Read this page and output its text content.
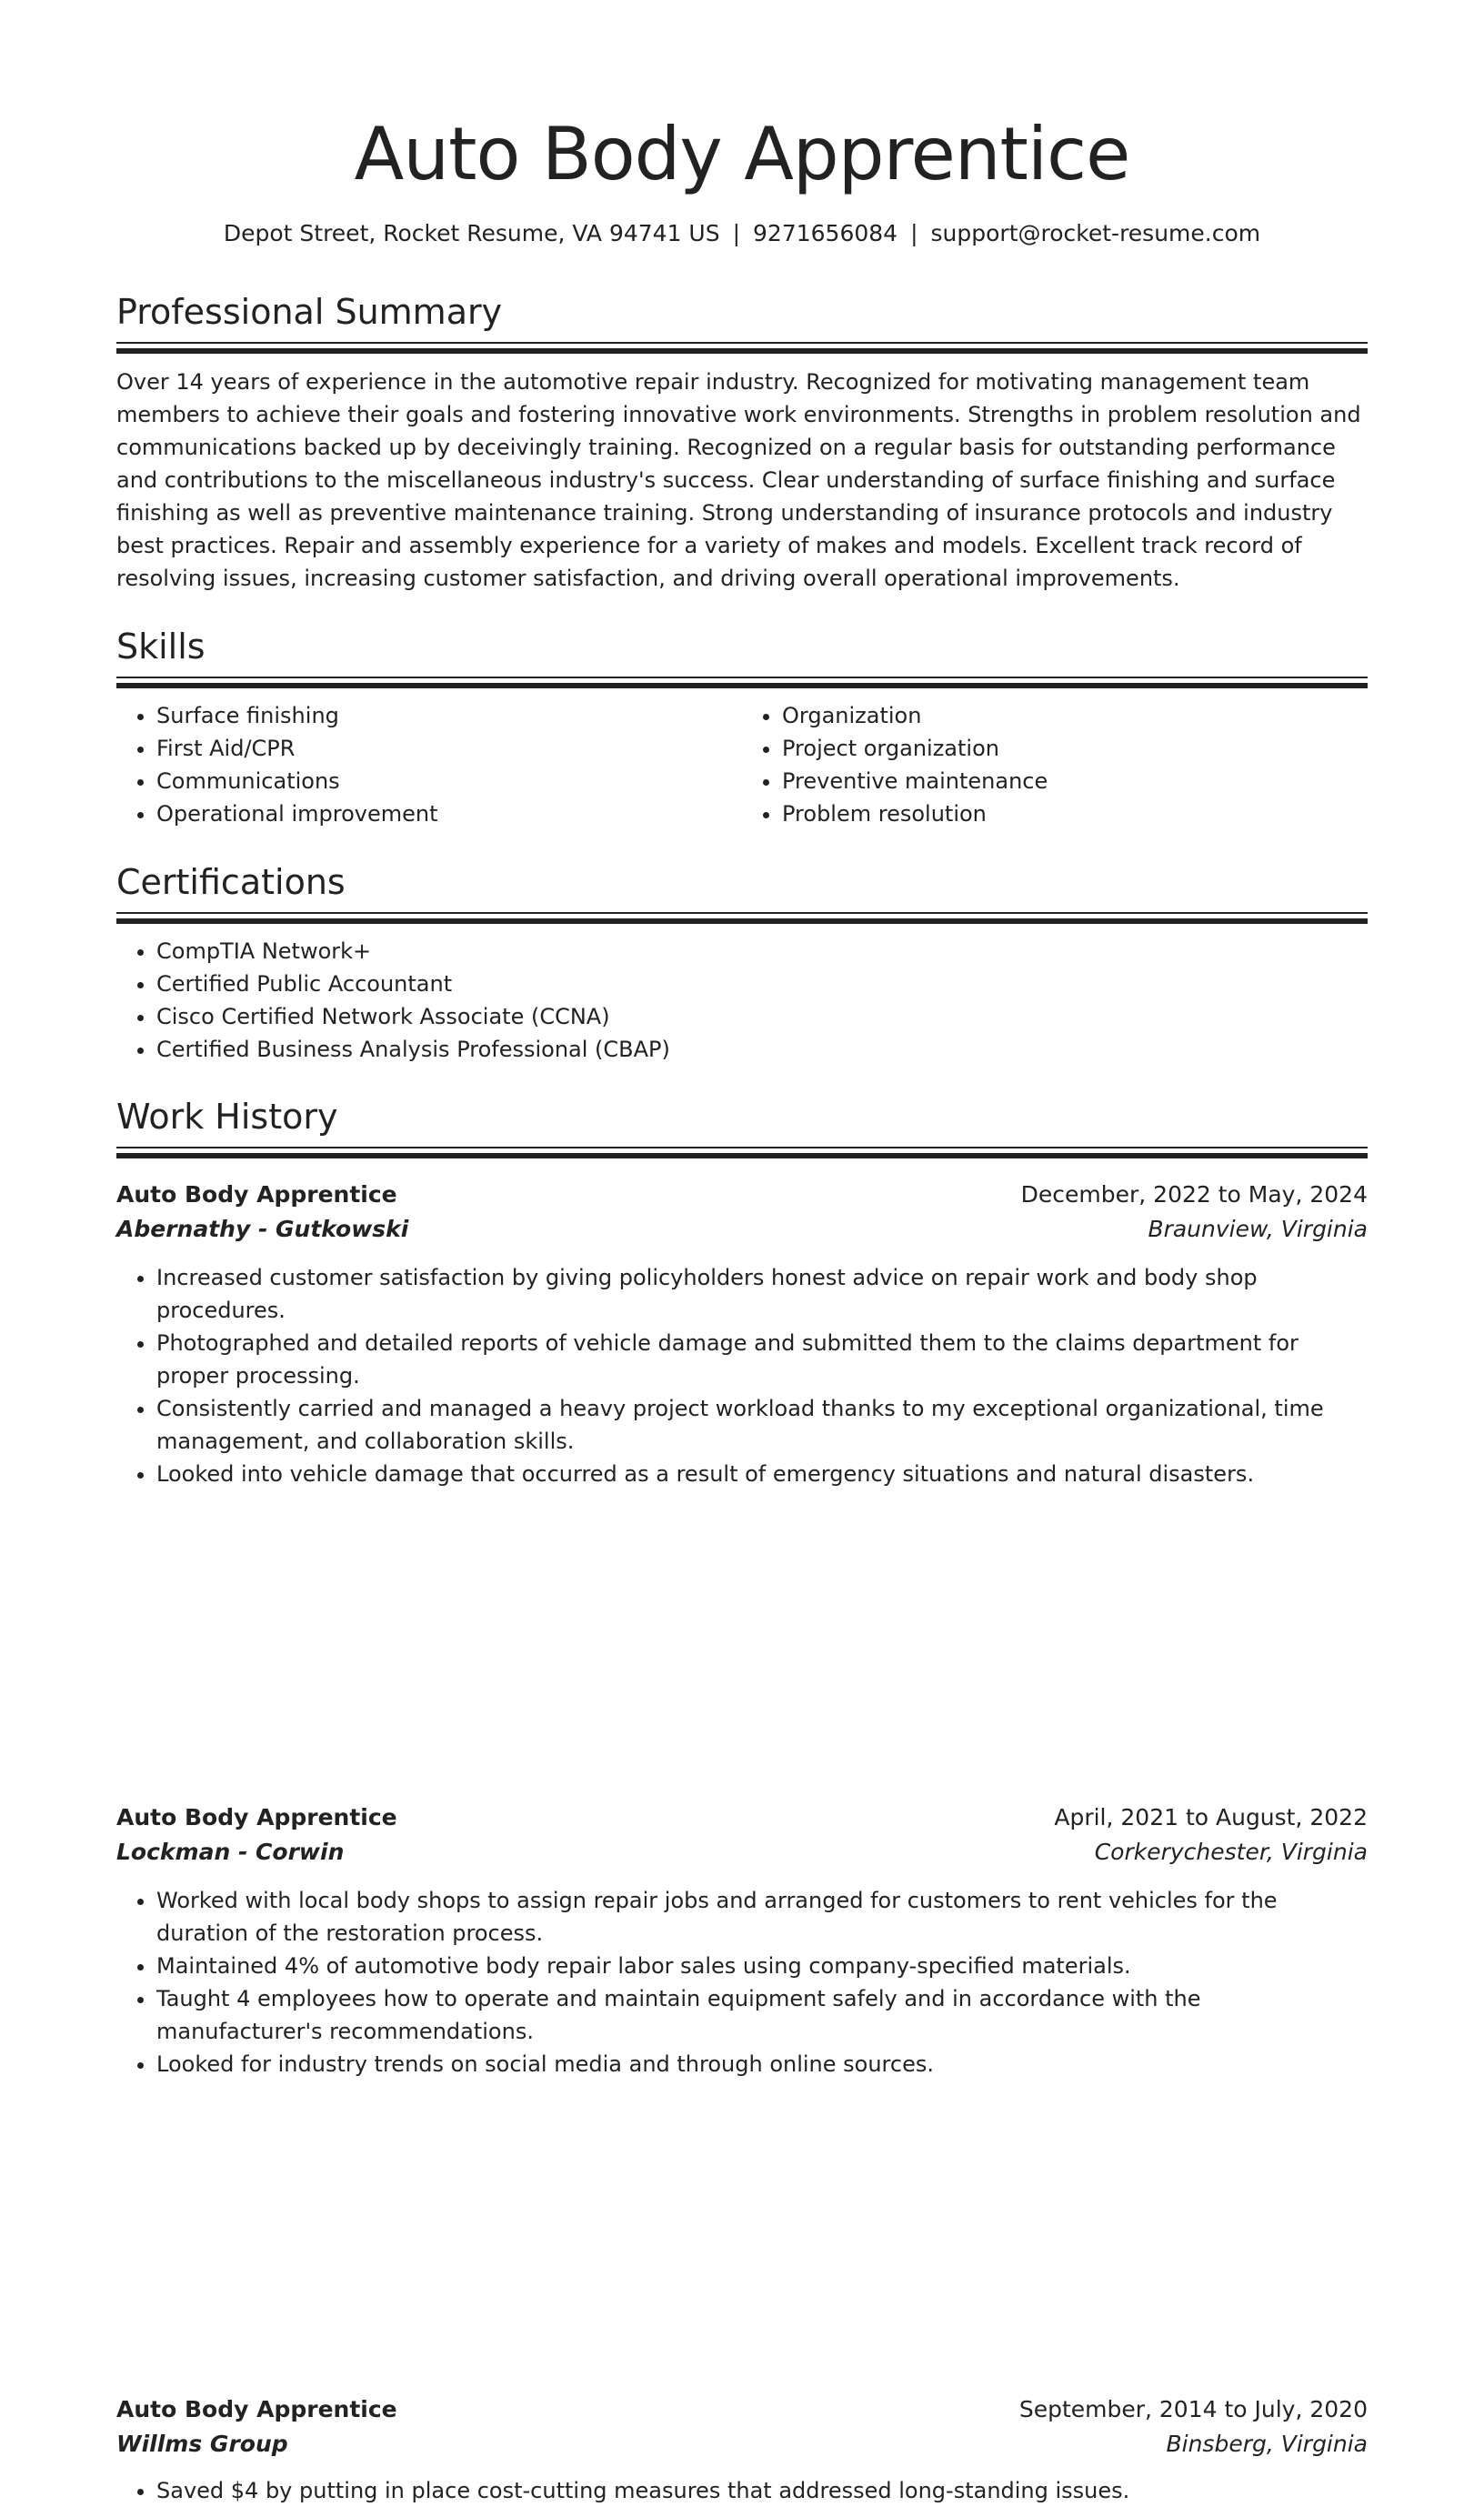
Auto Body Apprentice
Depot Street, Rocket Resume, VA 94741 US | 9271656084 | support@rocket-resume.com
Professional Summary

Over 14 years of experience in the automotive repair industry. Recognized for motivating management team members to achieve their goals and fostering innovative work environments. Strengths in problem resolution and communications backed up by deceivingly training. Recognized on a regular basis for outstanding performance and contributions to the miscellaneous industry's success. Clear understanding of surface finishing and surface finishing as well as preventive maintenance training. Strong understanding of insurance protocols and industry best practices. Repair and assembly experience for a variety of makes and models. Excellent track record of resolving issues, increasing customer satisfaction, and driving overall operational improvements.

Skills
• Surface finishing
• First Aid/CPR
• Communications
• Operational improvement
• Organization
• Project organization
• Preventive maintenance
• Problem resolution
Certifications
• CompTIA Network+
• Certified Public Accountant
• Cisco Certified Network Associate (CCNA)
• Certified Business Analysis Professional (CBAP)
Work History
Auto Body Apprentice	December, 2022 to May, 2024
Abernathy - Gutkowski	Braunview, Virginia
• Increased customer satisfaction by giving policyholders honest advice on repair work and body shop procedures.
• Photographed and detailed reports of vehicle damage and submitted them to the claims department for proper processing.
• Consistently carried and managed a heavy project workload thanks to my exceptional organizational, time management, and collaboration skills.
• Looked into vehicle damage that occurred as a result of emergency situations and natural disasters.
Auto Body Apprentice	April, 2021 to August, 2022
Lockman - Corwin	Corkerychester, Virginia
• Worked with local body shops to assign repair jobs and arranged for customers to rent vehicles for the duration of the restoration process.
• Maintained 4% of automotive body repair labor sales using company-specified materials.
• Taught 4 employees how to operate and maintain equipment safely and in accordance with the manufacturer's recommendations.
• Looked for industry trends on social media and through online sources.
Auto Body Apprentice	September, 2014 to July, 2020
Willms Group	Binsberg, Virginia
• Saved $4 by putting in place cost-cutting measures that addressed long-standing issues.
